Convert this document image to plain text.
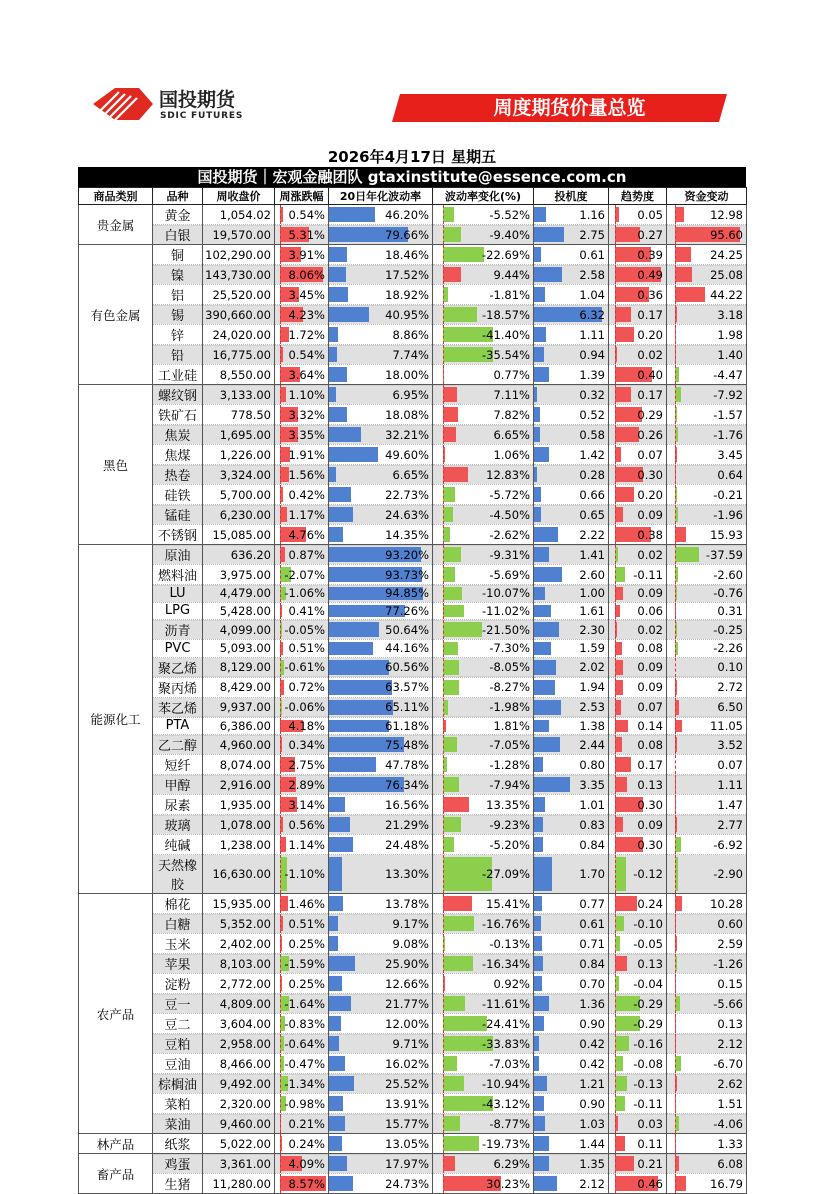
国投期货
SDIC FUTURES	周度期货价量总览
2026年4月17日 星期五
国投期货｜宏观金融团队 gtaxinstitute@essence.com.cn
商品类别	品种	周收盘价	周涨跌幅	20日年化波动率	波动率变化(%)	投机度	趋势度	资金变动
贵金属	黄金	1,054.02	0.54%	46.20%	-5.52%	1.16	0.05	12.98

	白银	19,570.00	5.31%	79.66%	-9.40%	2.75	0.27	95.60

有色金属	铜	102,290.00	3.91%	18.46%	-22.69%	0.61	0.39	24.25

	镍	143,730.00	8.06%	17.52%	9.44%	2.58	0.49	25.08

	铝	25,520.00	3.45%	18.92%	-1.81%	1.04	0.36	44.22

	锡	390,660.00	4.23%	40.95%	-18.57%	6.32	0.17	3.18

	锌	24,020.00	1.72%	8.86%	-41.40%	1.11	0.20	1.98

	铅	16,775.00	0.54%	7.74%	-35.54%	0.94	0.02	1.40

	工业硅	8,550.00	3.64%	18.00%	0.77%	1.39	0.40	-4.47

黑色	螺纹钢	3,133.00	1.10%	6.95%	7.11%	0.32	0.17	-7.92

	铁矿石	778.50	3.32%	18.08%	7.82%	0.52	0.29	-1.57

	焦炭	1,695.00	3.35%	32.21%	6.65%	0.58	0.26	-1.76

	焦煤	1,226.00	1.91%	49.60%	1.06%	1.42	0.07	3.45

	热卷	3,324.00	1.56%	6.65%	12.83%	0.28	0.30	0.64

	硅铁	5,700.00	0.42%	22.73%	-5.72%	0.66	0.20	-0.21

	锰硅	6,230.00	1.17%	24.63%	-4.50%	0.65	0.09	-1.96

	不锈钢	15,085.00	4.76%	14.35%	-2.62%	2.22	0.38	15.93

能源化工	原油	636.20	0.87%	93.20%	-9.31%	1.41	0.02	-37.59

	燃料油	3,975.00	-2.07%	93.73%	-5.69%	2.60	-0.11	-2.60

	LU	4,479.00	-1.06%	94.85%	-10.07%	1.00	0.09	-0.76

	LPG	5,428.00	0.41%	77.26%	-11.02%	1.61	0.06	0.31

	沥青	4,099.00	-0.05%	50.64%	-21.50%	2.30	0.02	-0.25

	PVC	5,093.00	0.51%	44.16%	-7.30%	1.59	0.08	-2.26

	聚乙烯	8,129.00	-0.61%	60.56%	-8.05%	2.02	0.09	0.10

	聚丙烯	8,429.00	0.72%	63.57%	-8.27%	1.94	0.09	2.72

	苯乙烯	9,937.00	-0.06%	65.11%	-1.98%	2.53	0.07	6.50

	PTA	6,386.00	4.18%	61.18%	1.81%	1.38	0.14	11.05

	乙二醇	4,960.00	0.34%	75.48%	-7.05%	2.44	0.08	3.52

	短纤	8,074.00	2.75%	47.78%	-1.28%	0.80	0.17	0.07

	甲醇	2,916.00	2.89%	76.34%	-7.94%	3.35	0.13	1.11

	尿素	1,935.00	3.14%	16.56%	13.35%	1.01	0.30	1.47

	玻璃	1,078.00	0.56%	21.29%	-9.23%	0.83	0.09	2.77

	纯碱	1,238.00	1.14%	24.48%	-5.20%	0.84	0.30	-6.92

	天然橡胶	16,630.00	-1.10%	13.30%	-27.09%	1.70	-0.12	-2.90

农产品	棉花	15,935.00	1.46%	13.78%	15.41%	0.77	0.24	10.28

	白糖	5,352.00	0.51%	9.17%	-16.76%	0.61	-0.10	0.60

	玉米	2,402.00	0.25%	9.08%	-0.13%	0.71	-0.05	2.59

	苹果	8,103.00	-1.59%	25.90%	-16.34%	0.84	0.13	-1.26

	淀粉	2,772.00	0.25%	12.66%	0.92%	0.70	-0.04	0.15

	豆一	4,809.00	-1.64%	21.77%	-11.61%	1.36	-0.29	-5.66

	豆二	3,604.00	-0.83%	12.00%	-24.41%	0.90	-0.29	0.13

	豆粕	2,958.00	-0.64%	9.71%	-33.83%	0.42	-0.16	2.12

	豆油	8,466.00	-0.47%	16.02%	-7.03%	0.42	-0.08	-6.70

	棕榈油	9,492.00	-1.34%	25.52%	-10.94%	1.21	-0.13	2.62

	菜粕	2,320.00	-0.98%	13.91%	-43.12%	0.90	-0.11	1.51

	菜油	9,460.00	0.21%	15.77%	-8.77%	1.03	0.03	-4.06

林产品	纸浆	5,022.00	0.24%	13.05%	-19.73%	1.44	0.11	1.33

畜产品	鸡蛋	3,361.00	4.09%	17.97%	6.29%	1.35	0.21	6.08

	生猪	11,280.00	8.57%	24.73%	30.23%	2.12	0.46	16.79
